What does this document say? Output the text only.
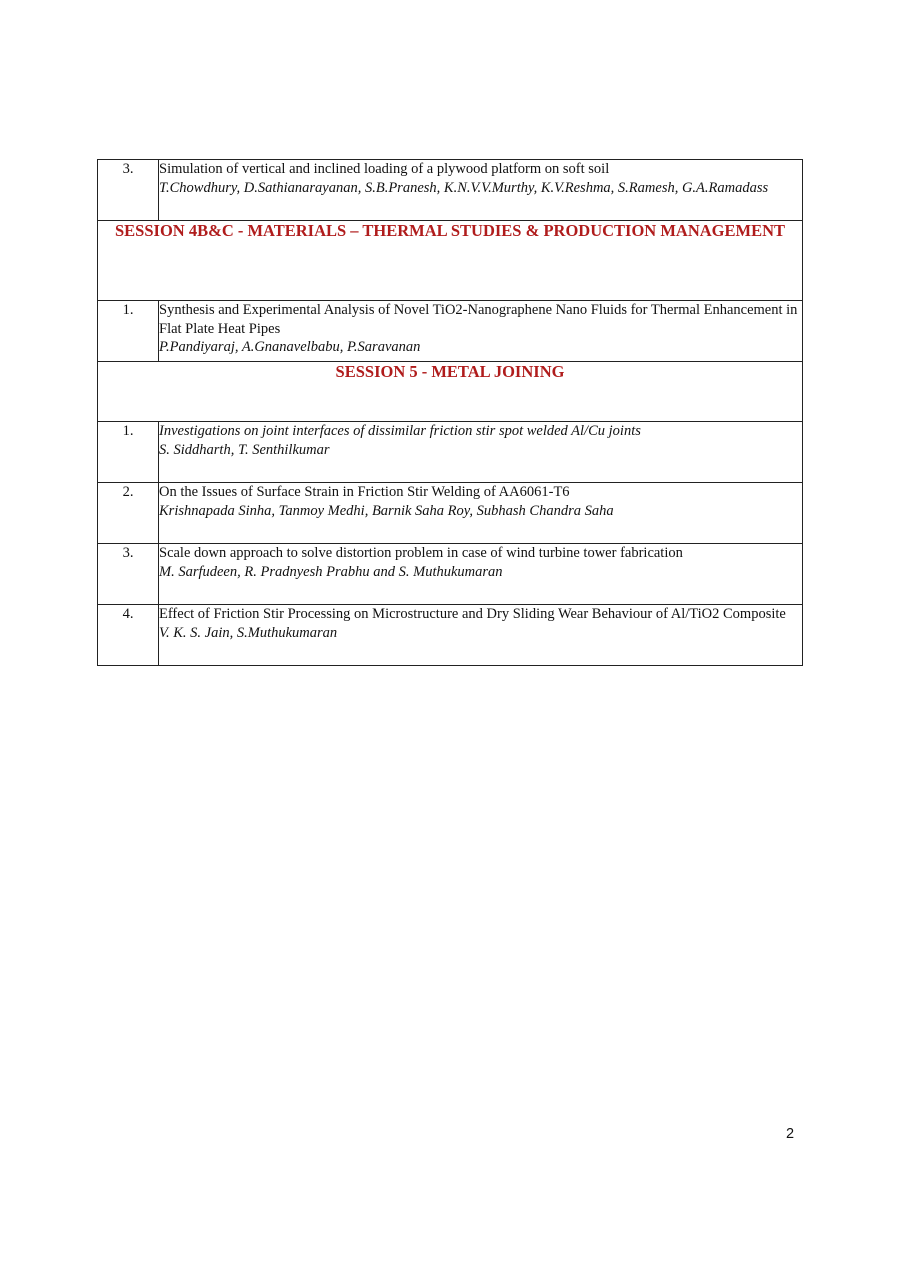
3.	Simulation of vertical and inclined loading of a plywood platform on soft soil
T.Chowdhury, D.Sathianarayanan, S.B.Pranesh, K.N.V.V.Murthy, K.V.Reshma, S.Ramesh, G.A.Ramadass

SESSION 4B&C - MATERIALS – THERMAL STUDIES & PRODUCTION MANAGEMENT	
1.	Synthesis and Experimental Analysis of Novel TiO2-Nanographene Nano Fluids for Thermal Enhancement in Flat Plate Heat Pipes
P.Pandiyaraj, A.Gnanavelbabu, P.Saravanan

SESSION 5 - METAL JOINING	
1.	Investigations on joint interfaces of dissimilar friction stir spot welded Al/Cu joints
S. Siddharth, T. Senthilkumar

2.	On the Issues of Surface Strain in Friction Stir Welding of AA6061-T6
Krishnapada Sinha, Tanmoy Medhi, Barnik Saha Roy, Subhash Chandra Saha

3.	Scale down approach to solve distortion problem in case of wind turbine tower fabrication
M. Sarfudeen, R. Pradnyesh Prabhu and S. Muthukumaran

4.	Effect of Friction Stir Processing on Microstructure and Dry Sliding Wear Behaviour of Al/TiO2 Composite
V. K. S. Jain, S.Muthukumaran
2
